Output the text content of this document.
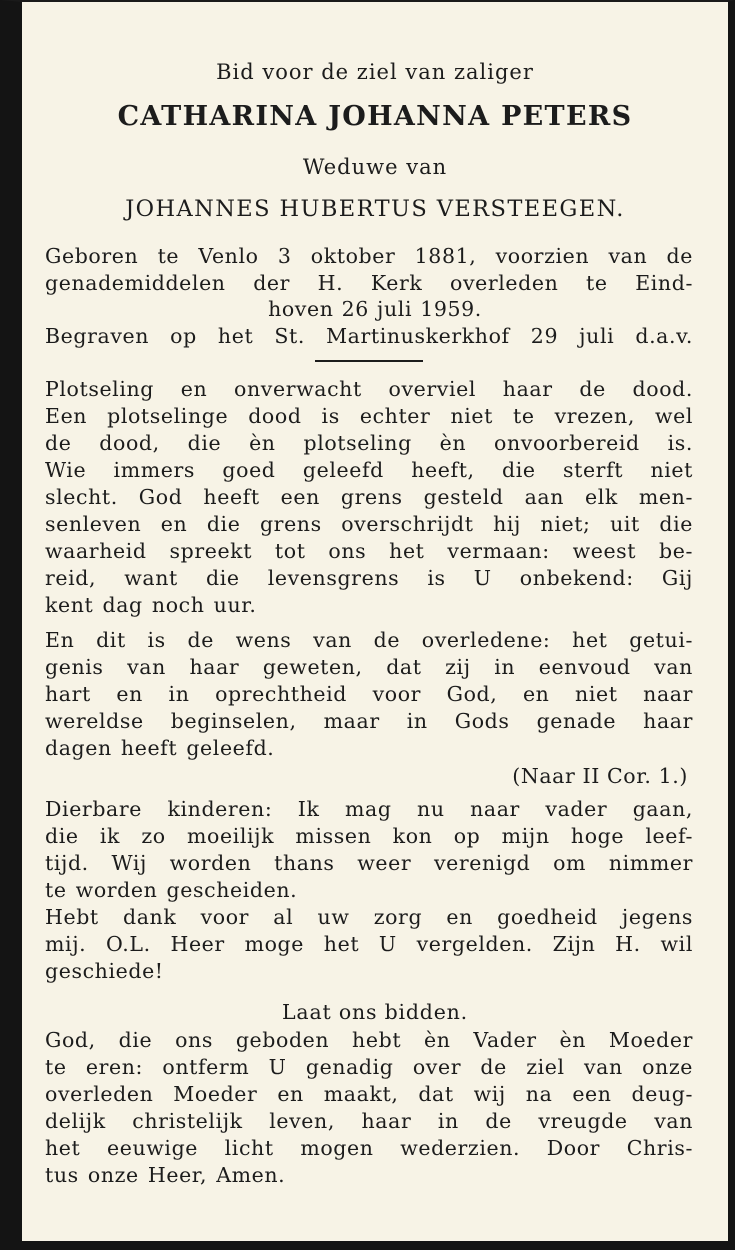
Bid voor de ziel van zaliger
CATHARINA JOHANNA PETERS
Weduwe van
JOHANNES HUBERTUS VERSTEEGEN.
Geboren te Venlo 3 oktober 1881, voorzien van de
genademiddelen der H. Kerk overleden te Eind-
hoven 26 juli 1959.
Begraven op het St. Martinuskerkhof 29 juli d.a.v.
Plotseling en onverwacht overviel haar de dood.
Een plotselinge dood is echter niet te vrezen, wel
de dood, die èn plotseling èn onvoorbereid is.
Wie immers goed geleefd heeft, die sterft niet
slecht. God heeft een grens gesteld aan elk men-
senleven en die grens overschrijdt hij niet; uit die
waarheid spreekt tot ons het vermaan: weest be-
reid, want die levensgrens is U onbekend: Gij
kent dag noch uur.
En dit is de wens van de overledene: het getui-
genis van haar geweten, dat zij in eenvoud van
hart en in oprechtheid voor God, en niet naar
wereldse beginselen, maar in Gods genade haar
dagen heeft geleefd.
(Naar II Cor. 1.)
Dierbare kinderen: Ik mag nu naar vader gaan,
die ik zo moeilijk missen kon op mijn hoge leef-
tijd. Wij worden thans weer verenigd om nimmer
te worden gescheiden.
Hebt dank voor al uw zorg en goedheid jegens
mij. O.L. Heer moge het U vergelden. Zijn H. wil
geschiede!
Laat ons bidden.
God, die ons geboden hebt èn Vader èn Moeder
te eren: ontferm U genadig over de ziel van onze
overleden Moeder en maakt, dat wij na een deug-
delijk christelijk leven, haar in de vreugde van
het eeuwige licht mogen wederzien. Door Chris-
tus onze Heer, Amen.
